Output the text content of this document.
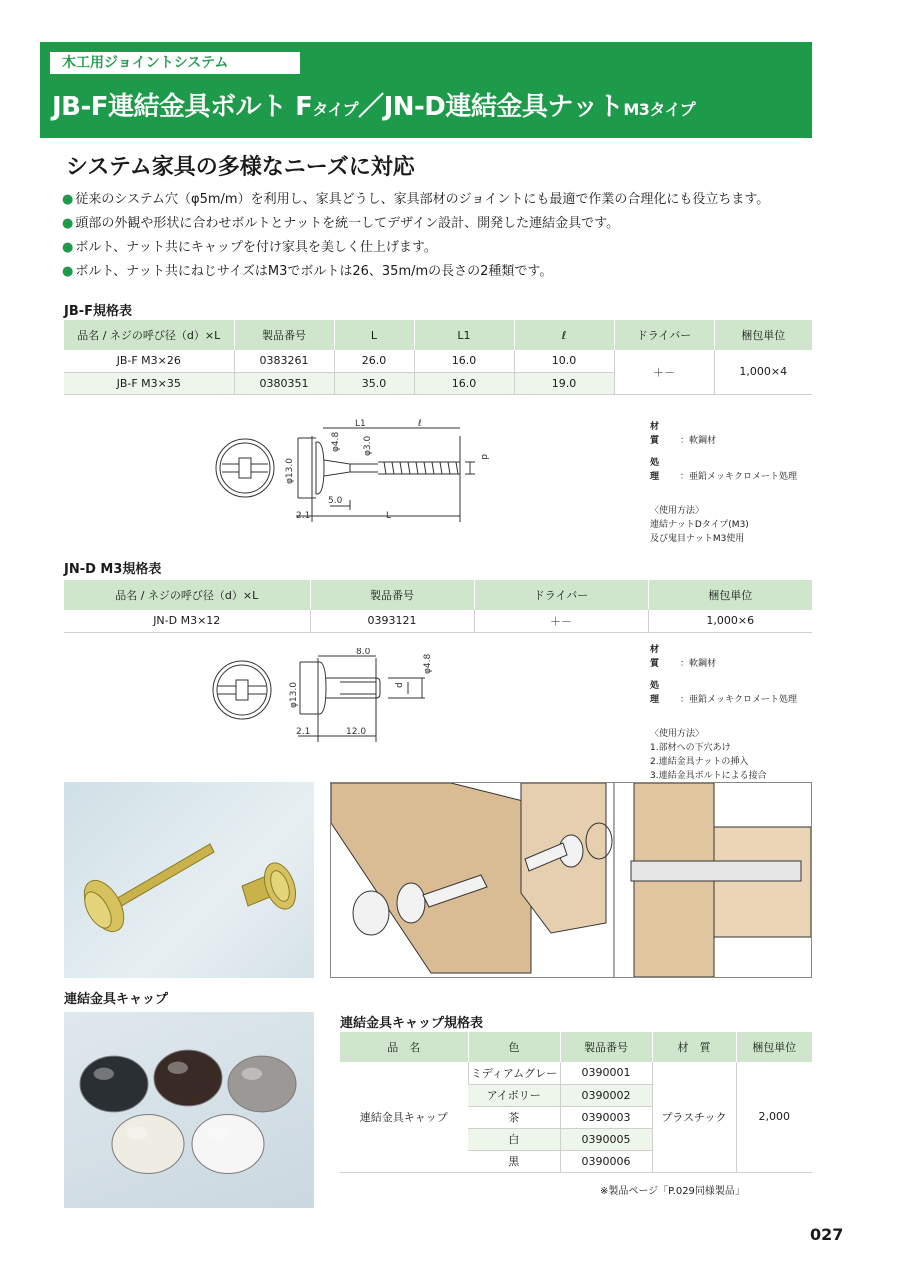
木工用ジョイントシステム
JB-F連結金具ボルト Fタイプ／JN-D連結金具ナットM3タイプ
システム家具の多様なニーズに対応
● 従来のシステム穴（φ5m/m）を利用し、家具どうし、家具部材のジョイントにも最適で作業の合理化にも役立ちます。
● 頭部の外観や形状に合わせボルトとナットを統一してデザイン設計、開発した連結金具です。
● ボルト、ナット共にキャップを付け家具を美しく仕上げます。
● ボルト、ナット共にねじサイズはM3でボルトは26、35m/mの長さの2種類です。
JB-F規格表
品名 / ネジの呼び径（d）×L	製品番号	L	L1	ℓ	ドライバー	梱包単位
JB-F M3×26	0383261	26.0	16.0	10.0	＋－	1,000×4
JB-F M3×35	0380351	35.0	16.0	19.0		
L1	ℓ
φ4.8 φ3.0
d
φ13.0
5.0
2.1	L
材　質 ：軟鋼材
処　理 ：亜鉛メッキクロメート処理
〈使用方法〉
連結ナットDタイプ(M3)
及び鬼目ナットM3使用
JN-D M3規格表
品名 / ネジの呼び径（d）×L	製品番号	ドライバー	梱包単位
JN-D M3×12	0393121	＋－	1,000×6
8.0
φ4.8
d
φ13.0
2.1	12.0
材　質 ：軟鋼材
処　理 ：亜鉛メッキクロメート処理
〈使用方法〉
1.部材への下穴あけ
2.連結金具ナットの挿入
3.連結金具ボルトによる接合
連結金具キャップ
連結金具キャップ規格表
品　名	色	製品番号	材　質	梱包単位
連結金具キャップ	ミディアムグレー	0390001	プラスチック	2,000
	アイボリー	0390002		
	茶	0390003		
	白	0390005		
	黒	0390006		
※製品ページ「P.029同様製品」
027
